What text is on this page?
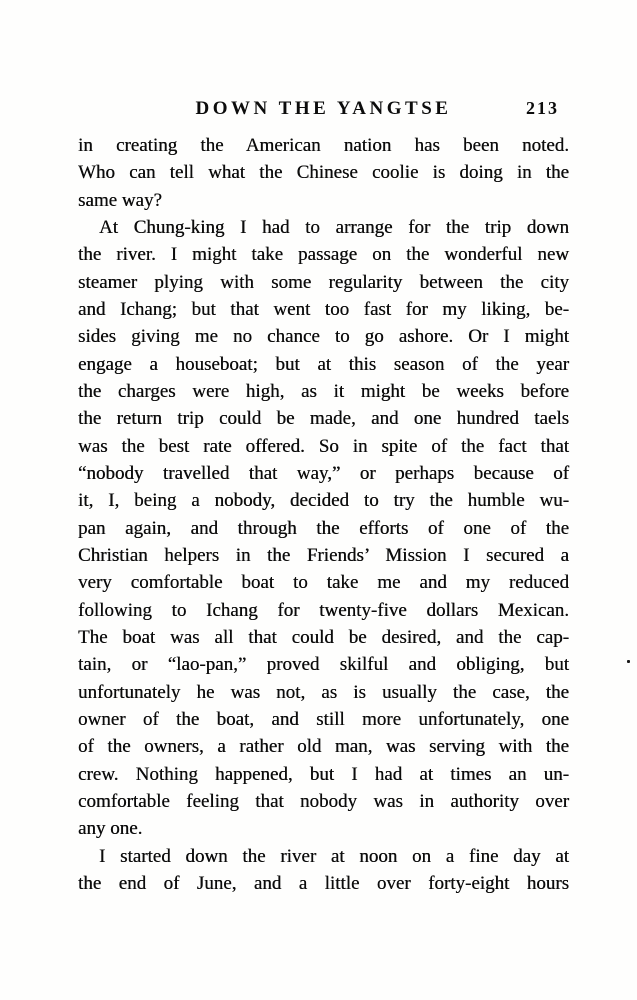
DOWN THE YANGTSE	213
in creating the American nation has been noted.
Who can tell what the Chinese coolie is doing in the
same way?
At Chung-king I had to arrange for the trip down
the river. I might take passage on the wonderful new
steamer plying with some regularity between the city
and Ichang; but that went too fast for my liking, be-
sides giving me no chance to go ashore. Or I might
engage a houseboat; but at this season of the year
the charges were high, as it might be weeks before
the return trip could be made, and one hundred taels
was the best rate offered. So in spite of the fact that
“nobody travelled that way,” or perhaps because of
it, I, being a nobody, decided to try the humble wu-
pan again, and through the efforts of one of the
Christian helpers in the Friends’ Mission I secured a
very comfortable boat to take me and my reduced
following to Ichang for twenty-five dollars Mexican.
The boat was all that could be desired, and the cap-
tain, or “lao-pan,” proved skilful and obliging, but
unfortunately he was not, as is usually the case, the
owner of the boat, and still more unfortunately, one
of the owners, a rather old man, was serving with the
crew. Nothing happened, but I had at times an un-
comfortable feeling that nobody was in authority over
any one.
I started down the river at noon on a fine day at
the end of June, and a little over forty-eight hours
